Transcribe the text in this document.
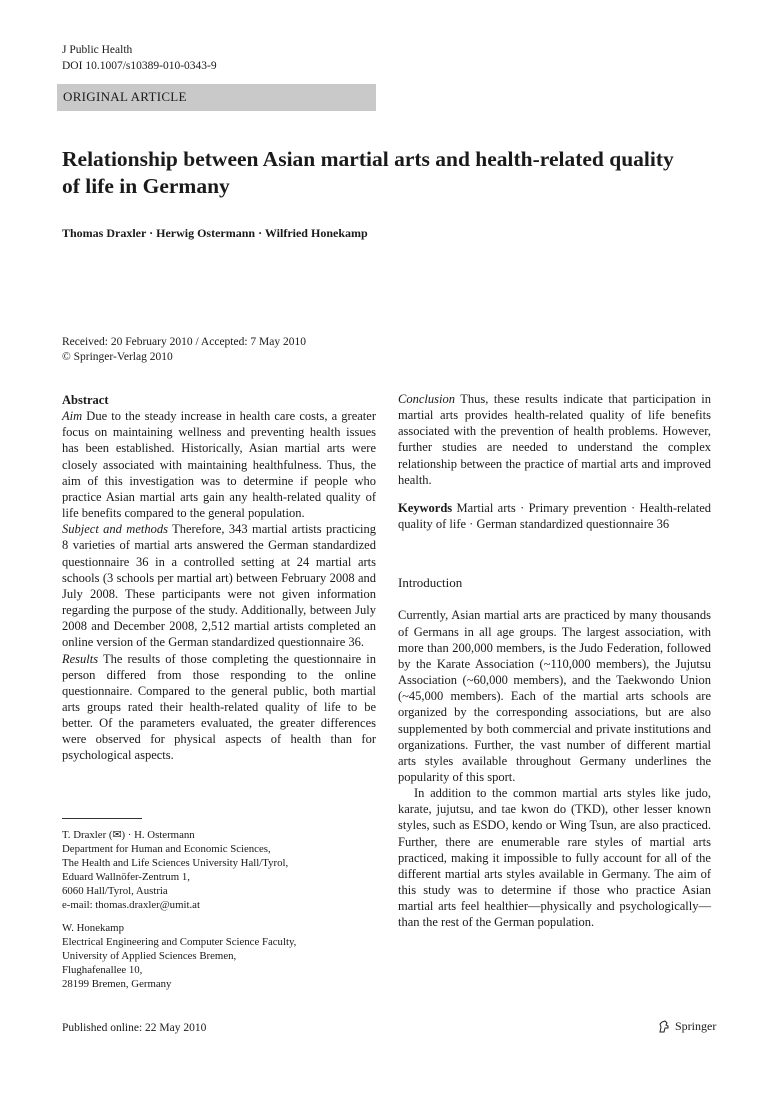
J Public Health
DOI 10.1007/s10389-010-0343-9
ORIGINAL ARTICLE
Relationship between Asian martial arts and health-related quality of life in Germany
Thomas Draxler · Herwig Ostermann · Wilfried Honekamp
Received: 20 February 2010 / Accepted: 7 May 2010
© Springer-Verlag 2010

Abstract

Aim Due to the steady increase in health care costs, a greater focus on maintaining wellness and preventing health issues has been established. Historically, Asian martial arts were closely associated with maintaining healthfulness. Thus, the aim of this investigation was to determine if people who practice Asian martial arts gain any health-related quality of life benefits compared to the general population.

Subject and methods Therefore, 343 martial artists practicing 8 varieties of martial arts answered the German standardized questionnaire 36 in a controlled setting at 24 martial arts schools (3 schools per martial art) between February 2008 and July 2008. These participants were not given information regarding the purpose of the study. Additionally, between July 2008 and December 2008, 2,512 martial artists completed an online version of the German standardized questionnaire 36.

Results The results of those completing the questionnaire in person differed from those responding to the online questionnaire. Compared to the general public, both martial arts groups rated their health-related quality of life to be better. Of the parameters evaluated, the greater differences were observed for physical aspects of health than for psychological aspects.

Conclusion Thus, these results indicate that participation in martial arts provides health-related quality of life benefits associated with the prevention of health problems. However, further studies are needed to understand the complex relationship between the practice of martial arts and improved health.

Keywords Martial arts · Primary prevention · Health-related quality of life · German standardized questionnaire 36

Introduction

Currently, Asian martial arts are practiced by many thousands of Germans in all age groups. The largest association, with more than 200,000 members, is the Judo Federation, followed by the Karate Association (~110,000 members), the Jujutsu Association (~60,000 members), and the Taekwondo Union (~45,000 members). Each of the martial arts schools are organized by the corresponding associations, but are also supplemented by both commercial and private institutions and organizations. Further, the vast number of different martial arts styles available throughout Germany underlines the popularity of this sport.

In addition to the common martial arts styles like judo, karate, jujutsu, and tae kwon do (TKD), other lesser known styles, such as ESDO, kendo or Wing Tsun, are also practiced. Further, there are enumerable rare styles of martial arts practiced, making it impossible to fully account for all of the different martial arts styles available in Germany. The aim of this study was to determine if those who practice Asian martial arts feel healthier—physically and psychologically—than the rest of the German population.

T. Draxler (✉) · H. Ostermann
Department for Human and Economic Sciences,
The Health and Life Sciences University Hall/Tyrol,
Eduard Wallnöfer-Zentrum 1,
6060 Hall/Tyrol, Austria
e-mail: thomas.draxler@umit.at

W. Honekamp
Electrical Engineering and Computer Science Faculty,
University of Applied Sciences Bremen,
Flughafenallee 10,
28199 Bremen, Germany

Published online: 22 May 2010	Springer
